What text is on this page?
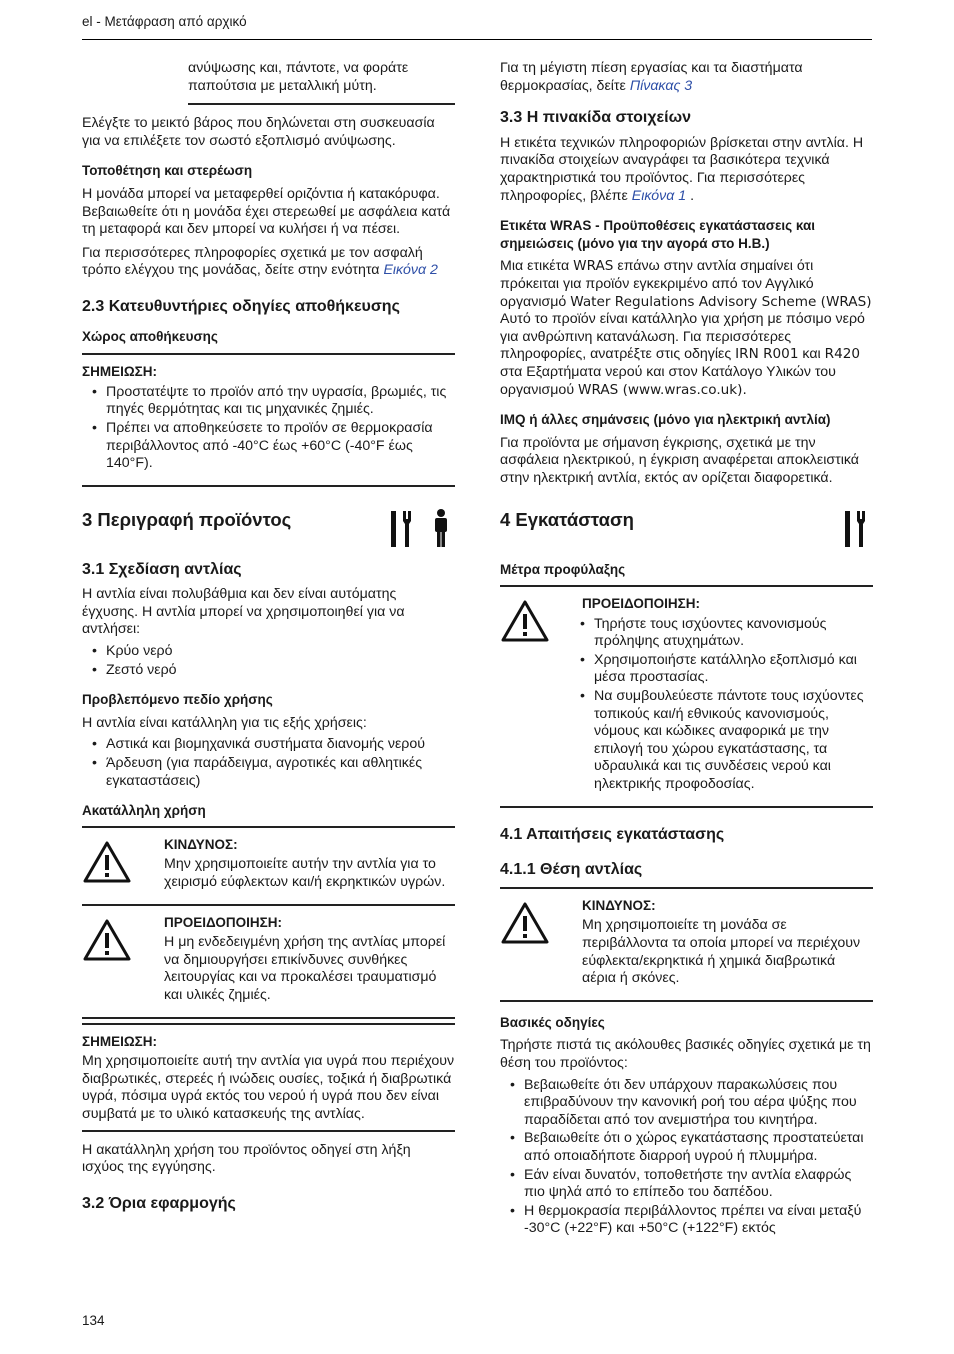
el - Μετάφραση από αρχικό

ανύψωσης και, πάντοτε, να φοράτε παπούτσια με μεταλλική μύτη.

Ελέγξτε το μεικτό βάρος που δηλώνεται στη συσκευασία για να επιλέξετε τον σωστό εξοπλισμό ανύψωσης.

Τοποθέτηση και στερέωση

Η μονάδα μπορεί να μεταφερθεί οριζόντια ή κατακόρυφα. Βεβαιωθείτε ότι η μονάδα έχει στερεωθεί με ασφάλεια κατά τη μεταφορά και δεν μπορεί να κυλήσει ή να πέσει.

Για περισσότερες πληροφορίες σχετικά με τον ασφαλή τρόπο ελέγχου της μονάδας, δείτε στην ενότητα Εικόνα 2

2.3 Κατευθυντήριες οδηγίες αποθήκευσης
Χώρος αποθήκευσης
ΣΗΜΕΙΩΣΗ:
• Προστατέψτε το προϊόν από την υγρασία, βρωμιές, τις πηγές θερμότητας και τις μηχανικές ζημιές.
• Πρέπει να αποθηκεύσετε το προϊόν σε θερμοκρασία περιβάλλοντος από -40°C έως +60°C (-40°F έως 140°F).
3 Περιγραφή προϊόντος
3.1 Σχεδίαση αντλίας

Η αντλία είναι πολυβάθμια και δεν είναι αυτόματης έγχυσης. Η αντλία μπορεί να χρησιμοποιηθεί για να αντλήσει:

• Κρύο νερό
• Ζεστό νερό
Προβλεπόμενο πεδίο χρήσης

Η αντλία είναι κατάλληλη για τις εξής χρήσεις:

• Αστικά και βιομηχανικά συστήματα διανομής νερού
• Άρδευση (για παράδειγμα, αγροτικές και αθλητικές εγκαταστάσεις)
Ακατάλληλη χρήση
ΚΙΝΔΥΝΟΣ:

Μην χρησιμοποιείτε αυτήν την αντλία για το χειρισμό εύφλεκτων και/ή εκρηκτικών υγρών.

ΠΡΟΕΙΔΟΠΟΙΗΣΗ:

Η μη ενδεδειγμένη χρήση της αντλίας μπορεί να δημιουργήσει επικίνδυνες συνθήκες λειτουργίας και να προκαλέσει τραυματισμό και υλικές ζημιές.

ΣΗΜΕΙΩΣΗ:

Μη χρησιμοποιείτε αυτή την αντλία για υγρά που περιέχουν διαβρωτικές, στερεές ή ινώδεις ουσίες, τοξικά ή διαβρωτικά υγρά, πόσιμα υγρά εκτός του νερού ή υγρά που δεν είναι συμβατά με το υλικό κατασκευής της αντλίας.

Η ακατάλληλη χρήση του προϊόντος οδηγεί στη λήξη ισχύος της εγγύησης.

3.2 Όρια εφαρμογής

Για τη μέγιστη πίεση εργασίας και τα διαστήματα θερμοκρασίας, δείτε Πίνακας 3

3.3 Η πινακίδα στοιχείων

Η ετικέτα τεχνικών πληροφοριών βρίσκεται στην αντλία. Η πινακίδα στοιχείων αναγράφει τα βασικότερα τεχνικά χαρακτηριστικά του προϊόντος. Για περισσότερες πληροφορίες, βλέπε Εικόνα 1 .

Ετικέτα WRAS - Προϋποθέσεις εγκατάστασεις και σημειώσεις (μόνο για την αγορά στο Η.Β.)

Μια ετικέτα WRAS επάνω στην αντλία σημαίνει ότι πρόκειται για προϊόν εγκεκριμένο από τον Αγγλικό οργανισμό Water Regulations Advisory Scheme (WRAS) Αυτό το προϊόν είναι κατάλληλο για χρήση με πόσιμο νερό για ανθρώπινη κατανάλωση. Για περισσότερες πληροφορίες, ανατρέξτε στις οδηγίες IRN R001 και R420 στα Εξαρτήματα νερού και στον Κατάλογο Υλικών του οργανισμού WRAS (www.wras.co.uk).

IMQ ή άλλες σημάνσεις (μόνο για ηλεκτρική αντλία)

Για προϊόντα με σήμανση έγκρισης, σχετικά με την ασφάλεια ηλεκτρικού, η έγκριση αναφέρεται αποκλειστικά στην ηλεκτρική αντλία, εκτός αν ορίζεται διαφορετικά.

4 Εγκατάσταση
Μέτρα προφύλαξης
ΠΡΟΕΙΔΟΠΟΙΗΣΗ:
• Τηρήστε τους ισχύοντες κανονισμούς πρόληψης ατυχημάτων.
• Χρησιμοποιήστε κατάλληλο εξοπλισμό και μέσα προστασίας.
• Να συμβουλεύεστε πάντοτε τους ισχύοντες τοπικούς και/ή εθνικούς κανονισμούς, νόμους και κώδικες αναφορικά με την επιλογή του χώρου εγκατάστασης, τα υδραυλικά και τις συνδέσεις νερού και ηλεκτρικής προφοδοσίας.
4.1 Απαιτήσεις εγκατάστασης
4.1.1 Θέση αντλίας
ΚΙΝΔΥΝΟΣ:

Μη χρησιμοποιείτε τη μονάδα σε περιβάλλοντα τα οποία μπορεί να περιέχουν εύφλεκτα/εκρηκτικά ή χημικά διαβρωτικά αέρια ή σκόνες.

Βασικές οδηγίες

Τηρήστε πιστά τις ακόλουθες βασικές οδηγίες σχετικά με τη θέση του προϊόντος:

• Βεβαιωθείτε ότι δεν υπάρχουν παρακωλύσεις που επιβραδύνουν την κανονική ροή του αέρα ψύξης που παραδίδεται από τον ανεμιστήρα του κινητήρα.
• Βεβαιωθείτε ότι ο χώρος εγκατάστασης προστατεύεται από οποιαδήποτε διαρροή υγρού ή πλυμμήρα.
• Εάν είναι δυνατόν, τοποθετήστε την αντλία ελαφρώς πιο ψηλά από το επίπεδο του δαπέδου.
• Η θερμοκρασία περιβάλλοντος πρέπει να είναι μεταξύ -30°C (+22°F) και +50°C (+122°F) εκτός
134
